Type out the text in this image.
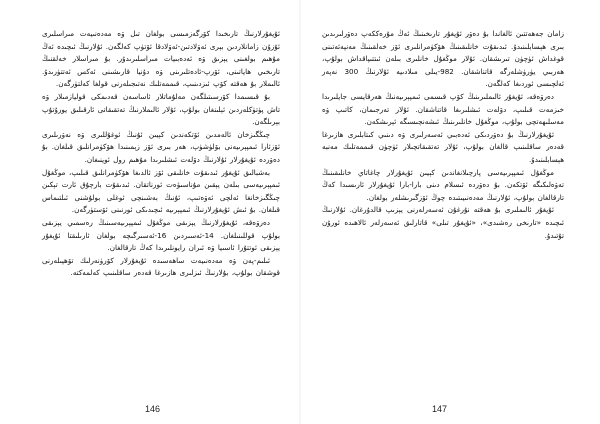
ئۇيغۇرلارنىڭ تارىخىدا كۆرگەزمىسى بولغان تىل ۋە مەدەنىيەت مىراسلىرى ئۇزۇن زامانلاردىن بېرى ئەۋلادتىن-ئەۋلادقا ئۆتۈپ كەلگەن. ئۇلارنىڭ ئىچىدە ئەڭ مۇھىم بولغىنى يېزىق ۋە ئەدەبىيات مىراسلىرىدۇر. بۇ مىراسلار خەلقنىڭ تارىخىي ھاياتىنى، ئۆرپ-ئادەتلىرىنى ۋە دۇنيا قارىشىنى ئەكس ئەتتۈرىدۇ. ئالىملار بۇ ھەقتە كۆپ ئىزدىنىپ، قىممەتلىك نەتىجىلەرنى قولغا كەلتۈرگەن.

بۇ قىسىمدا كۆرسىتىلگەن مەلۇماتلار ئاساسەن قەدىمكى قوليازمىلار ۋە تاش پۈتۈكلەردىن ئېلىنغان بولۇپ، ئۇلار ئالىملارنىڭ تەتقىقاتى ئارقىلىق يورۇتۇپ بېرىلگەن.

چىڭگىزخان ئالەمدىن ئۆتكەندىن كېيىن ئۇنىڭ ئوغۇللىرى ۋە نەۋرىلىرى ئۆزئارا ئىمپېرىيەنى بۆلۈشۈپ، ھەر بىرى ئۆز زېمىنىدا ھۆكۈمرانلىق قىلغان. بۇ دەۋردە ئۇيغۇرلار ئۇلارنىڭ دۆلەت ئىشلىرىدا مۇھىم رول ئوينىغان.

بەشبالىق ئۇيغۇر ئىدىقۇت خانلىقى ئۆز ئالدىغا ھۆكۈمرانلىق قىلىپ، موڭغۇل ئىمپېرىيەسى بىلەن يېقىن مۇناسىۋەت ئورناتقان. ئىدىقۇت بارچۇق ئارت تېكىن چىڭگىزخانغا ئەلچى ئەۋەتىپ، ئۇنىڭ بەشىنچى ئوغلى بولۇشنى ئىلتىماس قىلغان. بۇ ئىش ئۇيغۇرلارنىڭ ئىمپېرىيە ئىچىدىكى ئورنىنى ئۆستۈرگەن.

دەرۋەقە، ئۇيغۇرلارنىڭ يېزىقى موڭغۇل ئىمپېرىيەسىنىڭ رەسمىي يېزىقى بولۇپ قوللىنىلغان. 14-ئەسىردىن 16-ئەسىرگىچە بولغان ئارىلىقتا ئۇيغۇر يېزىقى ئوتتۇرا ئاسىيا ۋە ئىران رايونلىرىدا كەڭ تارقالغان.

ئىلىم-پەن ۋە مەدەنىيەت ساھەسىدە ئۇيغۇرلار كۆرۈنەرلىك تۆھپىلەرنى قوشقان بولۇپ، بۇلارنىڭ ئىزلىرى ھازىرغا قەدەر ساقلىنىپ كەلمەكتە.

146

زامان جەھەتتىن ئالغاندا بۇ دەۋر ئۇيغۇر تارىخىنىڭ ئەڭ مۇرەككەپ دەۋرلىرىدىن بىرى ھېسابلىنىدۇ. ئىدىقۇت خانلىقىنىڭ ھۆكۈمرانلىرى ئۆز خەلقىنىڭ مەنپەئەتىنى قوغداش ئۈچۈن تىرىشقان. ئۇلار موڭغۇل خانلىرى بىلەن ئىتتىپاقداش بولۇپ، ھەربىي يۈرۈشلەرگە قاتناشقان. 982-يىلى مىلادىيە ئۇلارنىڭ 300 نەپەر ئەلچىسى ئوردىغا كەلگەن.

دەرۋەقە، ئۇيغۇر ئالىملىرىنىڭ كۆپ قىسمى ئىمپېرىيەنىڭ ھەرقايسى جايلىرىدا خىزمەت قىلىپ، دۆلەت ئىشلىرىغا قاتناشقان. ئۇلار تەرجىمان، كاتىپ ۋە مەسلىھەتچى بولۇپ، موڭغۇل خانلىرىنىڭ ئىشەنچىسىگە ئېرىشكەن.

ئۇيغۇرلارنىڭ بۇ دەۋردىكى ئەدەبىي ئەسەرلىرى ۋە دىنىي كىتابلىرى ھازىرغا قەدەر ساقلىنىپ قالغان بولۇپ، ئۇلار تەتقىقاتچىلار ئۈچۈن قىممەتلىك مەنبە ھېسابلىنىدۇ.

موڭغۇل ئىمپېرىيەسى پارچىلانغاندىن كېيىن ئۇيغۇرلار چاغاتاي خانلىقىنىڭ تەۋەلىكىگە ئۆتكەن. بۇ دەۋردە ئىسلام دىنى بارا-بارا ئۇيغۇرلار ئارىسىدا كەڭ تارقالغان بولۇپ، ئۇلارنىڭ مەدەنىيىتىدە چوڭ ئۆزگىرىشلەر بولغان.

ئۇيغۇر ئالىملىرى بۇ ھەقتە نۇرغۇن ئەسەرلەرنى يېزىپ قالدۇرغان. ئۇلارنىڭ ئىچىدە «تارىخى رەشىدى»، «ئۇيغۇر تىلى» قاتارلىق ئەسەرلەر ئالاھىدە ئورۇن تۇتىدۇ.

147
